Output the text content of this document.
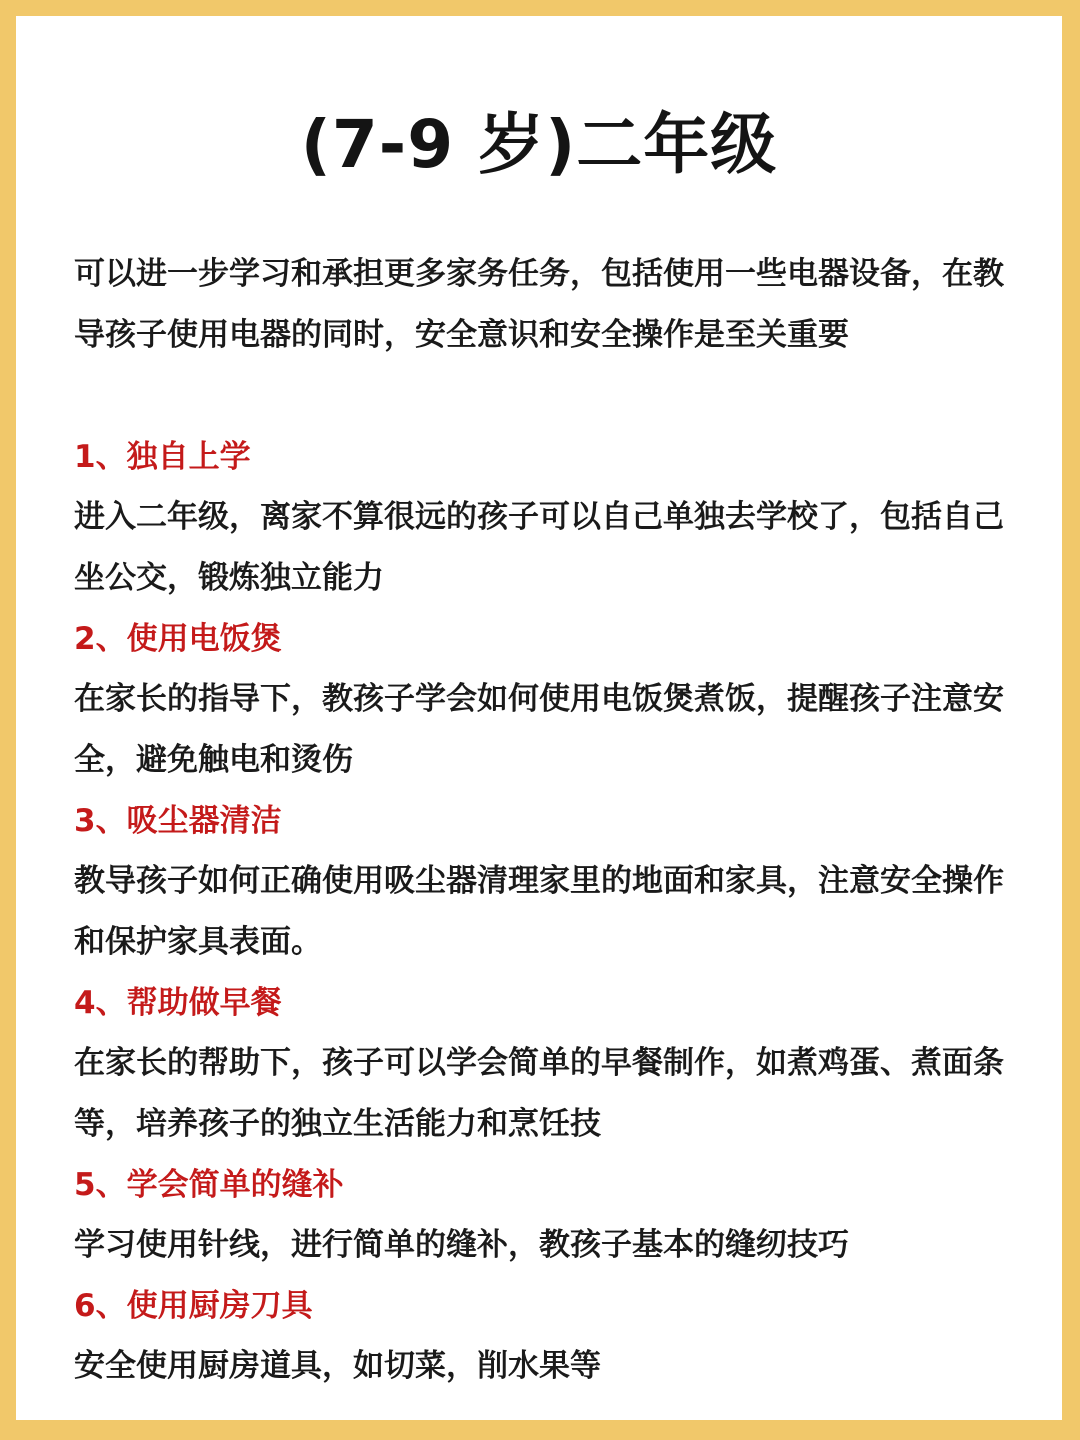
(7-9 岁)二年级

可以进一步学习和承担更多家务任务，包括使用一些电器设备，在教导孩子使用电器的同时，安全意识和安全操作是至关重要

1、独自上学

进入二年级，离家不算很远的孩子可以自己单独去学校了，包括自己坐公交，锻炼独立能力

2、使用电饭煲

在家长的指导下，教孩子学会如何使用电饭煲煮饭，提醒孩子注意安全，避免触电和烫伤

3、吸尘器清洁

教导孩子如何正确使用吸尘器清理家里的地面和家具，注意安全操作和保护家具表面。

4、帮助做早餐

在家长的帮助下，孩子可以学会简单的早餐制作，如煮鸡蛋、煮面条等，培养孩子的独立生活能力和烹饪技

5、学会简单的缝补

学习使用针线，进行简单的缝补，教孩子基本的缝纫技巧

6、使用厨房刀具

安全使用厨房道具，如切菜，削水果等
